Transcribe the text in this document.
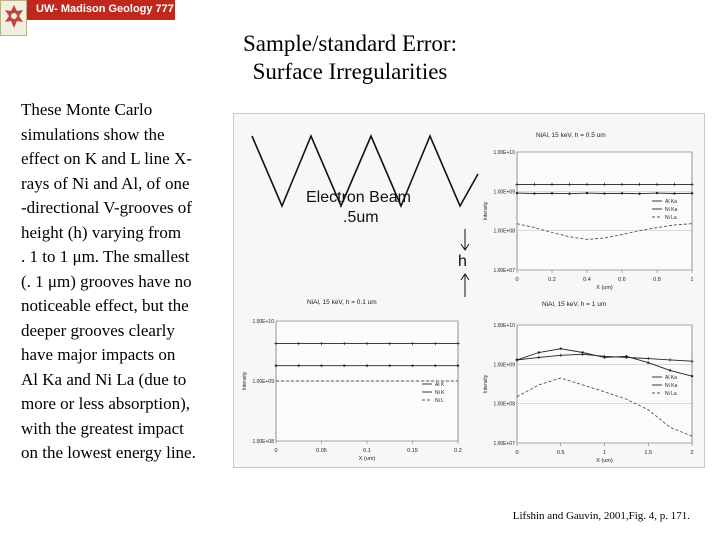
UW- Madison Geology 777
Sample/standard Error:
Surface Irregularities
These Monte Carlo
simulations show the
effect on K and L line X-
rays of Ni and Al, of one
-directional V-grooves of
height (h) varying from
. 1 to 1 μm. The smallest
(. 1 μm) grooves have no
noticeable effect, but the
deeper grooves clearly
have major impacts on
Al Ka and Ni La (due to
more or less absorption),
with the greatest impact
on the lowest energy line.
Electron Beam
.5um
h
NiAl, 15 keV, h = 0.5 um
NiAl, 15 keV, h = 0.1 um	NiAl, 15 keV, h = 1 um
1.00E+10
1.00E+09
1.00E+08
1.00E+07
0	0.2	0.4	0.6	0.8	1
X (um)
Intensity	Al Ka
Ni Ka
Ni La
1.00E+10
1.00E+09
1.00E+08
0	0.05	0.1	0.15	0.2
X (um)
Intensity	Al K
Ni K
Ni L
1.00E+10
1.00E+09
1.00E+08
1.00E+07
0	0.5	1	1.5	2
X (um)
Intensity	Al Ka
Ni Ka
Ni La
Lifshin and Gauvin, 2001,Fig. 4, p. 171.
